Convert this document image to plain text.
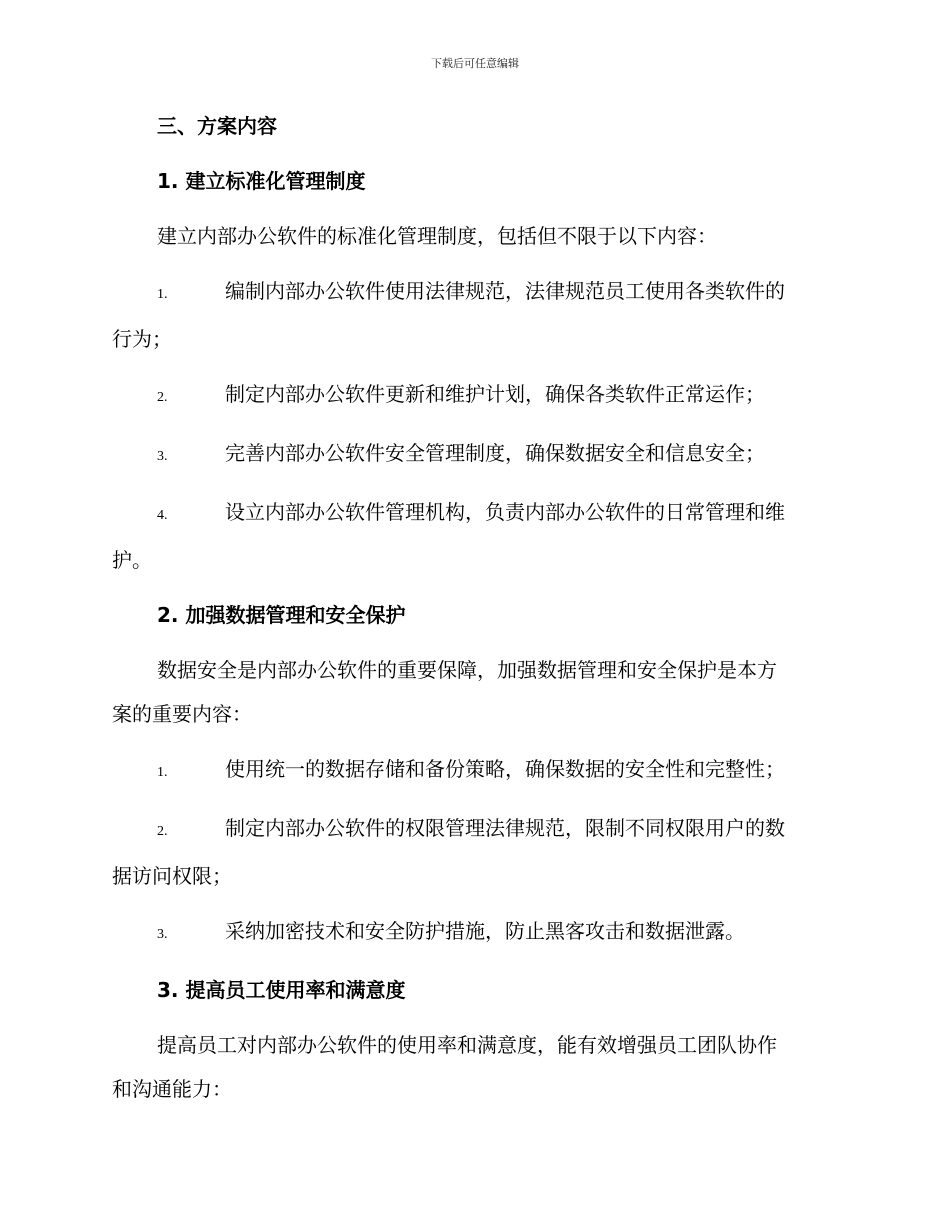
下载后可任意编辑
三、方案内容
1. 建立标准化管理制度
建立内部办公软件的标准化管理制度，包括但不限于以下内容：
1.	编制内部办公软件使用法律规范，法律规范员工使用各类软件的
行为；
2.	制定内部办公软件更新和维护计划，确保各类软件正常运作；
3.	完善内部办公软件安全管理制度，确保数据安全和信息安全；
4.	设立内部办公软件管理机构，负责内部办公软件的日常管理和维
护。
2. 加强数据管理和安全保护
数据安全是内部办公软件的重要保障，加强数据管理和安全保护是本方
案的重要内容：
1.	使用统一的数据存储和备份策略，确保数据的安全性和完整性；
2.	制定内部办公软件的权限管理法律规范，限制不同权限用户的数
据访问权限；
3.	采纳加密技术和安全防护措施，防止黑客攻击和数据泄露。
3. 提高员工使用率和满意度
提高员工对内部办公软件的使用率和满意度，能有效增强员工团队协作
和沟通能力：
